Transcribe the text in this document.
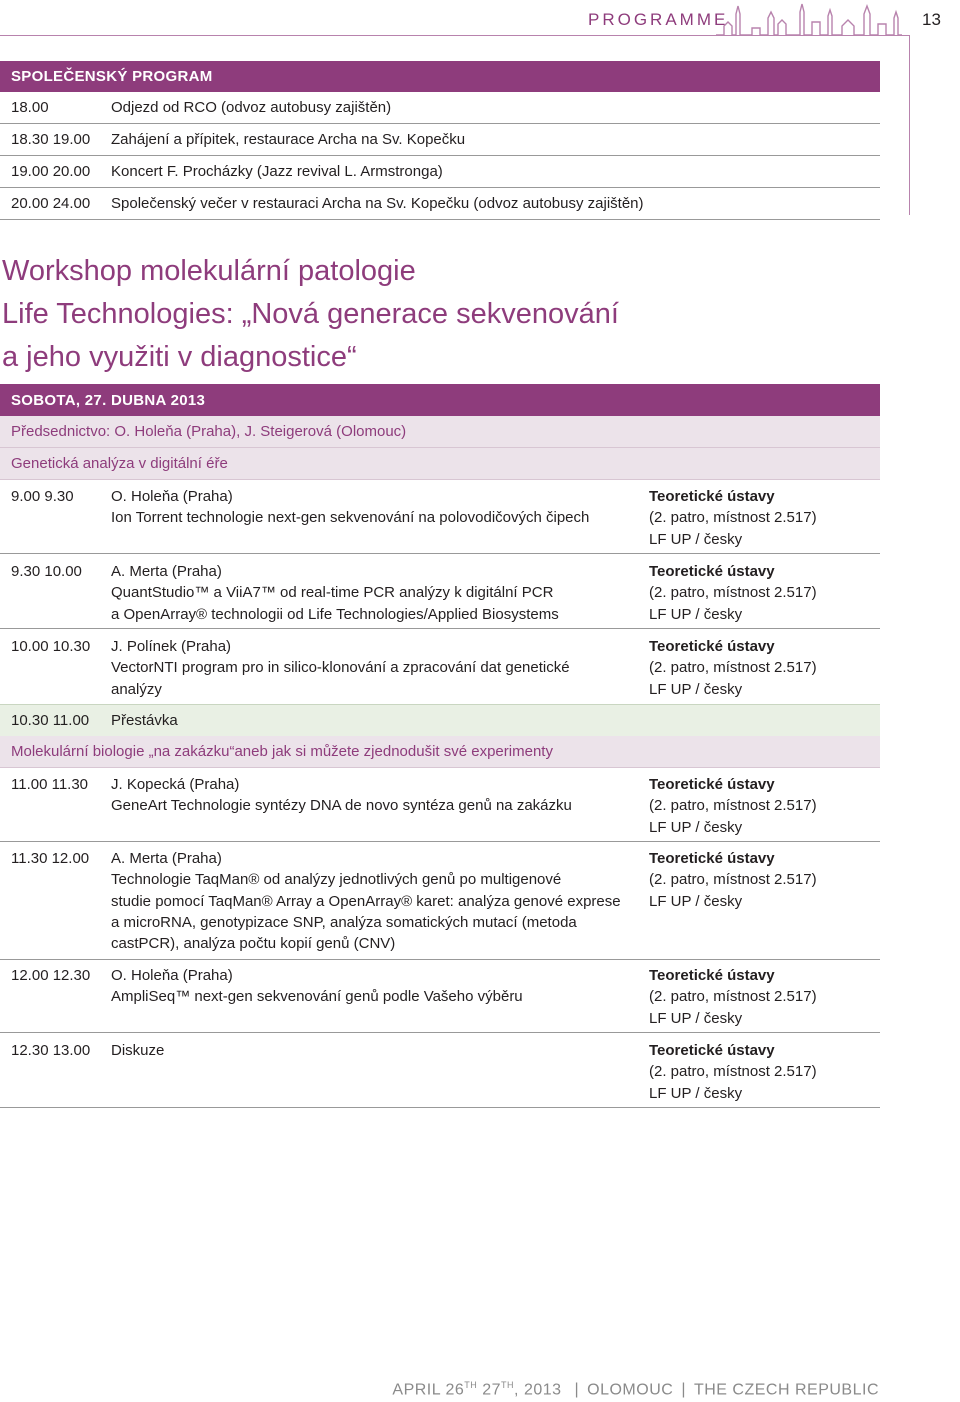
PROGRAMME	13
SPOLEČENSKÝ PROGRAM
18.00	Odjezd od RCO (odvoz autobusy zajištěn)
18.30 19.00 Zahájení a přípitek, restaurace Archa na Sv. Kopečku
19.00 20.00 Koncert F. Procházky (Jazz revival L. Armstronga)
20.00 24.00 Společenský večer v restauraci Archa na Sv. Kopečku (odvoz autobusy zajištěn)
Workshop molekulární patologie
Life Technologies: „Nová generace sekvenování
a jeho využiti v diagnostice“
SOBOTA, 27. DUBNA 2013
Předsednictvo: O. Holeňa (Praha), J. Steigerová (Olomouc)
Genetická analýza v digitální éře
9.00 9.30 O. Holeňa (Praha)
Ion Torrent technologie next-gen sekvenování na polovodičových čipech
Teoretické ústavy
(2. patro, místnost 2.517)
LF UP / česky
9.30 10.00 A. Merta (Praha)
QuantStudio™ a ViiA7™ od real-time PCR analýzy k digitální PCR
a OpenArray® technologii od Life Technologies/Applied Biosystems
Teoretické ústavy
(2. patro, místnost 2.517)
LF UP / česky
10.00 10.30 J. Polínek (Praha)
VectorNTI program pro in silico-klonování a zpracování dat genetické
analýzy
Teoretické ústavy
(2. patro, místnost 2.517)
LF UP / česky
10.30 11.00 Přestávka
Molekulární biologie „na zakázku“aneb jak si můžete zjednodušit své experimenty
11.00 11.30 J. Kopecká (Praha)
GeneArt Technologie syntézy DNA de novo syntéza genů na zakázku
Teoretické ústavy
(2. patro, místnost 2.517)
LF UP / česky
11.30 12.00 A. Merta (Praha)
Technologie TaqMan® od analýzy jednotlivých genů po multigenové
studie pomocí TaqMan® Array a OpenArray® karet: analýza genové exprese
a microRNA, genotypizace SNP, analýza somatických mutací (metoda
castPCR), analýza počtu kopií genů (CNV)
Teoretické ústavy
(2. patro, místnost 2.517)
LF UP / česky
12.00 12.30 O. Holeňa (Praha)
AmpliSeq™ next-gen sekvenování genů podle Vašeho výběru
Teoretické ústavy
(2. patro, místnost 2.517)
LF UP / česky
12.30 13.00 Diskuze	Teoretické ústavy
(2. patro, místnost 2.517)
LF UP / česky
APRIL 26TH 27TH, 2013 | OLOMOUC | THE CZECH REPUBLIC
